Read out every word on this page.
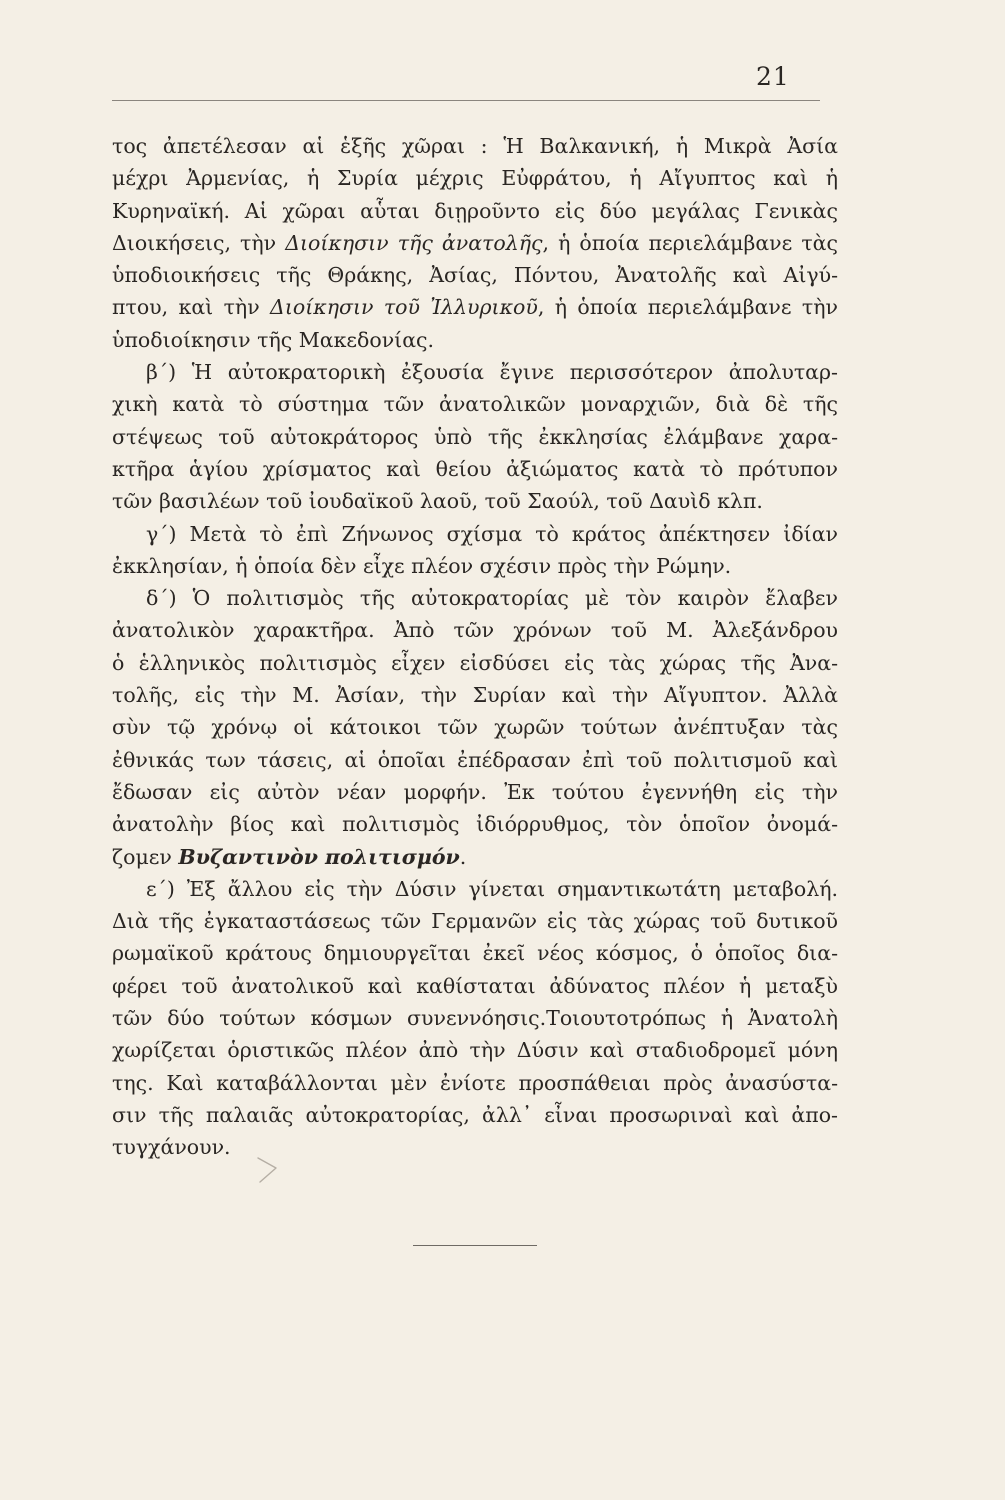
21
τος ἀπετέλεσαν αἱ ἑξῆς χῶραι : Ἡ Βαλκανική, ἡ Μικρὰ Ἀσία
μέχρι Ἀρμενίας, ἡ Συρία μέχρις Εὐφράτου, ἡ Αἴγυπτος καὶ ἡ
Κυρηναϊκή. Αἱ χῶραι αὗται διῃροῦντο εἰς δύο μεγάλας Γενικὰς
Διοικήσεις, τὴν Διοίκησιν τῆς ἀνατολῆς, ἡ ὁποία περιελάμβανε τὰς
ὑποδιοικήσεις τῆς Θράκης, Ἀσίας, Πόντου, Ἀνατολῆς καὶ Αἰγύ-
πτου, καὶ τὴν Διοίκησιν τοῦ Ἰλλυρικοῦ, ἡ ὁποία περιελάμβανε τὴν
ὑποδιοίκησιν τῆς Μακεδονίας.
β΄) Ἡ αὐτοκρατορικὴ ἐξουσία ἔγινε περισσότερον ἀπολυταρ-
χικὴ κατὰ τὸ σύστημα τῶν ἀνατολικῶν μοναρχιῶν, διὰ δὲ τῆς
στέψεως τοῦ αὐτοκράτορος ὑπὸ τῆς ἐκκλησίας ἐλάμβανε χαρα-
κτῆρα ἁγίου χρίσματος καὶ θείου ἀξιώματος κατὰ τὸ πρότυπον
τῶν βασιλέων τοῦ ἰουδαϊκοῦ λαοῦ, τοῦ Σαούλ, τοῦ Δαυὶδ κλπ.
γ΄) Μετὰ τὸ ἐπὶ Ζήνωνος σχίσμα τὸ κράτος ἀπέκτησεν ἰδίαν
ἐκκλησίαν, ἡ ὁποία δὲν εἶχε πλέον σχέσιν πρὸς τὴν Ρώμην.
δ΄) Ὁ πολιτισμὸς τῆς αὐτοκρατορίας μὲ τὸν καιρὸν ἔλαβεν
ἀνατολικὸν χαρακτῆρα. Ἀπὸ τῶν χρόνων τοῦ Μ. Ἀλεξάνδρου
ὁ ἑλληνικὸς πολιτισμὸς εἶχεν εἰσδύσει εἰς τὰς χώρας τῆς Ἀνα-
τολῆς, εἰς τὴν Μ. Ἀσίαν, τὴν Συρίαν καὶ τὴν Αἴγυπτον. Ἀλλὰ
σὺν τῷ χρόνῳ οἱ κάτοικοι τῶν χωρῶν τούτων ἀνέπτυξαν τὰς
ἐθνικάς των τάσεις, αἱ ὁποῖαι ἐπέδρασαν ἐπὶ τοῦ πολιτισμοῦ καὶ
ἔδωσαν εἰς αὐτὸν νέαν μορφήν. Ἐκ τούτου ἐγεννήθη εἰς τὴν
ἀνατολὴν βίος καὶ πολιτισμὸς ἰδιόρρυθμος, τὸν ὁποῖον ὀνομά-
ζομεν Βυζαντινὸν πολιτισμόν.
ε΄) Ἐξ ἄλλου εἰς τὴν Δύσιν γίνεται σημαντικωτάτη μεταβολή.
Διὰ τῆς ἐγκαταστάσεως τῶν Γερμανῶν εἰς τὰς χώρας τοῦ δυτικοῦ
ρωμαϊκοῦ κράτους δημιουργεῖται ἐκεῖ νέος κόσμος, ὁ ὁποῖος δια-
φέρει τοῦ ἀνατολικοῦ καὶ καθίσταται ἀδύνατος πλέον ἡ μεταξὺ
τῶν δύο τούτων κόσμων συνεννόησις.Τοιουτοτρόπως ἡ Ἀνατολὴ
χωρίζεται ὁριστικῶς πλέον ἀπὸ τὴν Δύσιν καὶ σταδιοδρομεῖ μόνη
της. Καὶ καταβάλλονται μὲν ἐνίοτε προσπάθειαι πρὸς ἀνασύστα-
σιν τῆς παλαιᾶς αὐτοκρατορίας, ἀλλ᾽ εἶναι προσωριναὶ καὶ ἀπο-
τυγχάνουν.
